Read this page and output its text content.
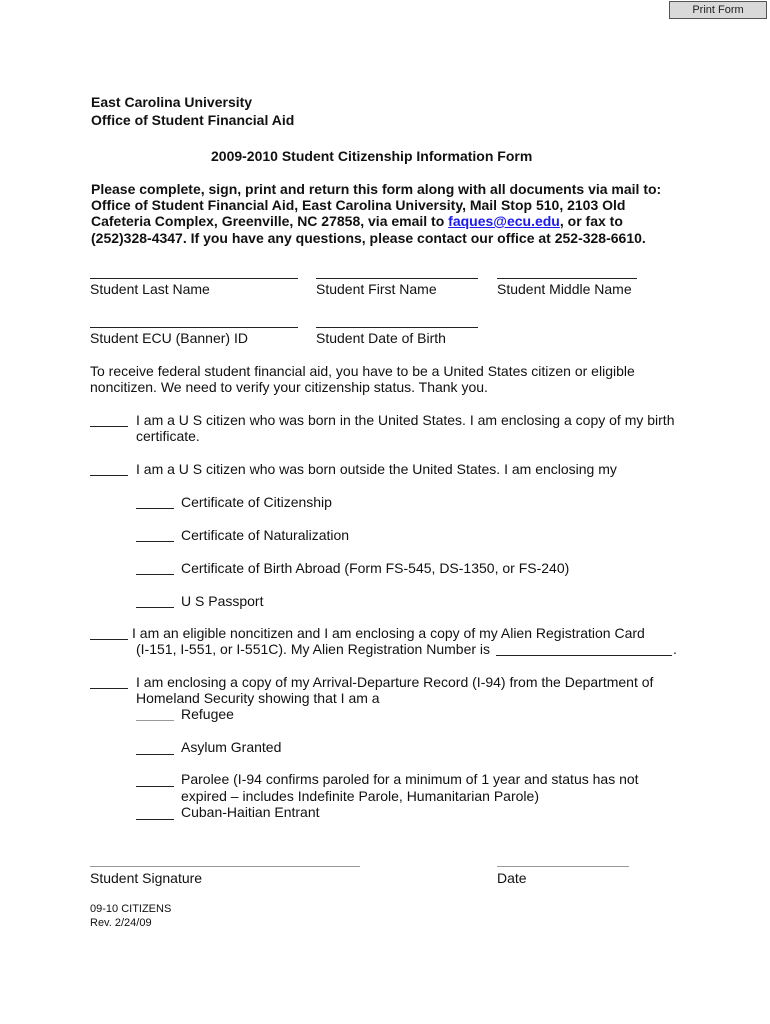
Print Form
East Carolina University
Office of Student Financial Aid
2009-2010 Student Citizenship Information Form
Please complete, sign, print and return this form along with all documents via mail to:
Office of Student Financial Aid, East Carolina University, Mail Stop 510, 2103 Old
Cafeteria Complex, Greenville, NC 27858, via email to faques@ecu.edu, or fax to
(252)328-4347. If you have any questions, please contact our office at 252-328-6610.
Student Last Name	Student First Name	Student Middle Name
Student ECU (Banner) ID	Student Date of Birth
To receive federal student financial aid, you have to be a United States citizen or eligible
noncitizen. We need to verify your citizenship status. Thank you.
I am a U S citizen who was born in the United States. I am enclosing a copy of my birth
certificate.
I am a U S citizen who was born outside the United States. I am enclosing my
Certificate of Citizenship
Certificate of Naturalization
Certificate of Birth Abroad (Form FS-545, DS-1350, or FS-240)
U S Passport
I am an eligible noncitizen and I am enclosing a copy of my Alien Registration Card
(I-151, I-551, or I-551C). My Alien Registration Number is	.
I am enclosing a copy of my Arrival-Departure Record (I-94) from the Department of
Homeland Security showing that I am a
Refugee
Asylum Granted
Parolee (I-94 confirms paroled for a minimum of 1 year and status has not
expired – includes Indefinite Parole, Humanitarian Parole)
Cuban-Haitian Entrant
Student Signature	Date
09-10 CITIZENS
Rev. 2/24/09
